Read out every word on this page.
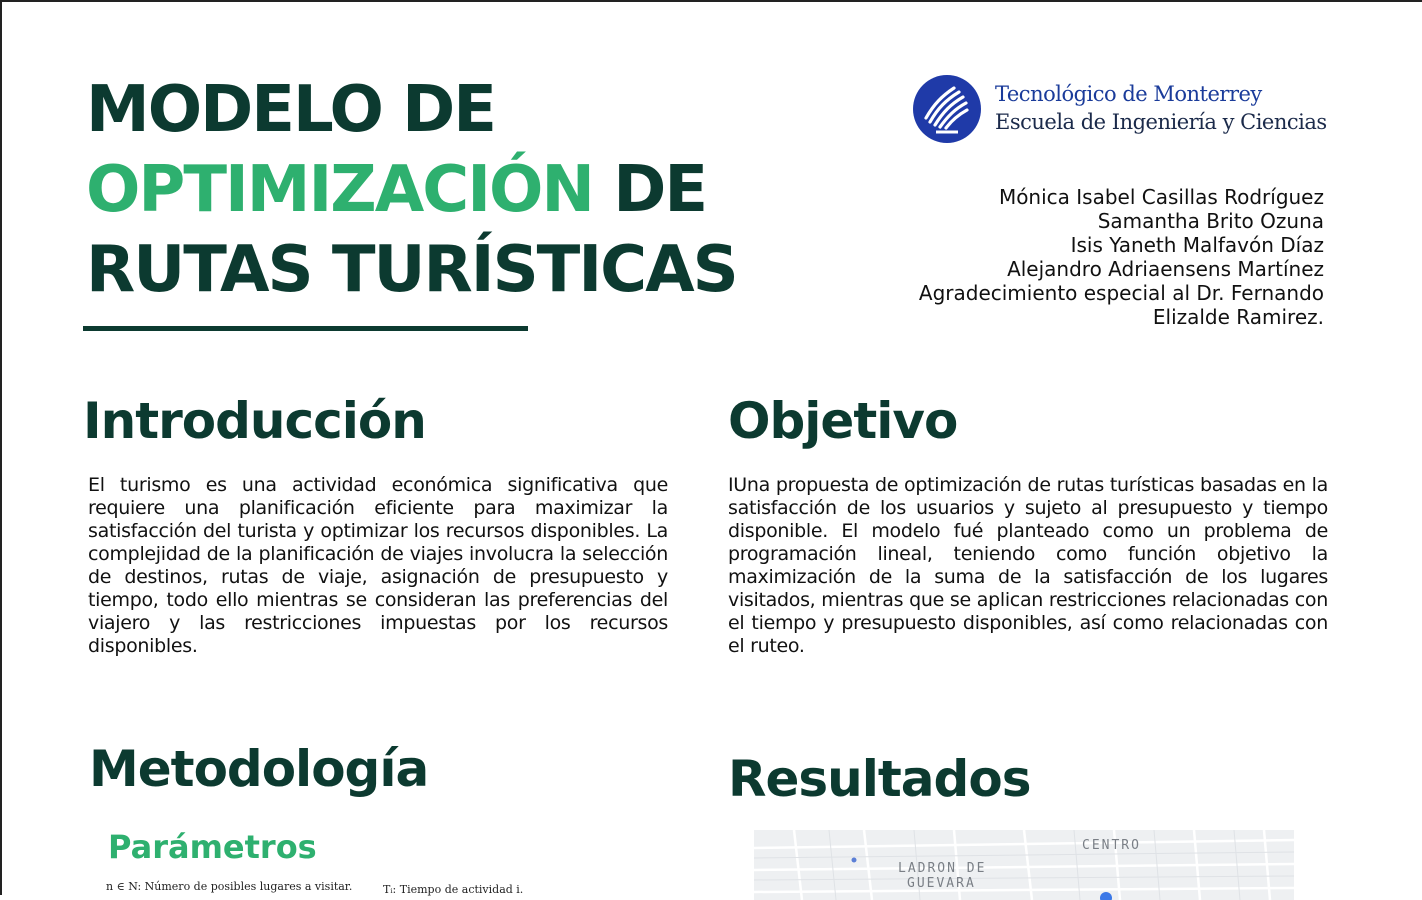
MODELO DE
OPTIMIZACIÓN DE
RUTAS TURÍSTICAS
Tecnológico de Monterrey
Escuela de Ingeniería y Ciencias
Mónica Isabel Casillas Rodríguez
Samantha Brito Ozuna
Isis Yaneth Malfavón Díaz
Alejandro Adriaensens Martínez
Agradecimiento especial al Dr. Fernando
Elizalde Ramirez.
Introducción

El turismo es una actividad económica significativa que requiere una planificación eficiente para maximizar la satisfacción del turista y optimizar los recursos disponibles. La complejidad de la planificación de viajes involucra la selección de destinos, rutas de viaje, asignación de presupuesto y tiempo, todo ello mientras se consideran las preferencias del viajero y las restricciones impuestas por los recursos disponibles.

Objetivo

IUna propuesta de optimización de rutas turísticas basadas en la satisfacción de los usuarios y sujeto al presupuesto y tiempo disponible. El modelo fué planteado como un problema de programación lineal, teniendo como función objetivo la maximización de la suma de la satisfacción de los lugares visitados, mientras que se aplican restricciones relacionadas con el tiempo y presupuesto disponibles, así como relacionadas con el ruteo.

Metodología
Parámetros
n ∈ N: Número de posibles lugares a visitar.	Tᵢ: Tiempo de actividad i.
Resultados
CENTRO
LADRON DE
GUEVARA
